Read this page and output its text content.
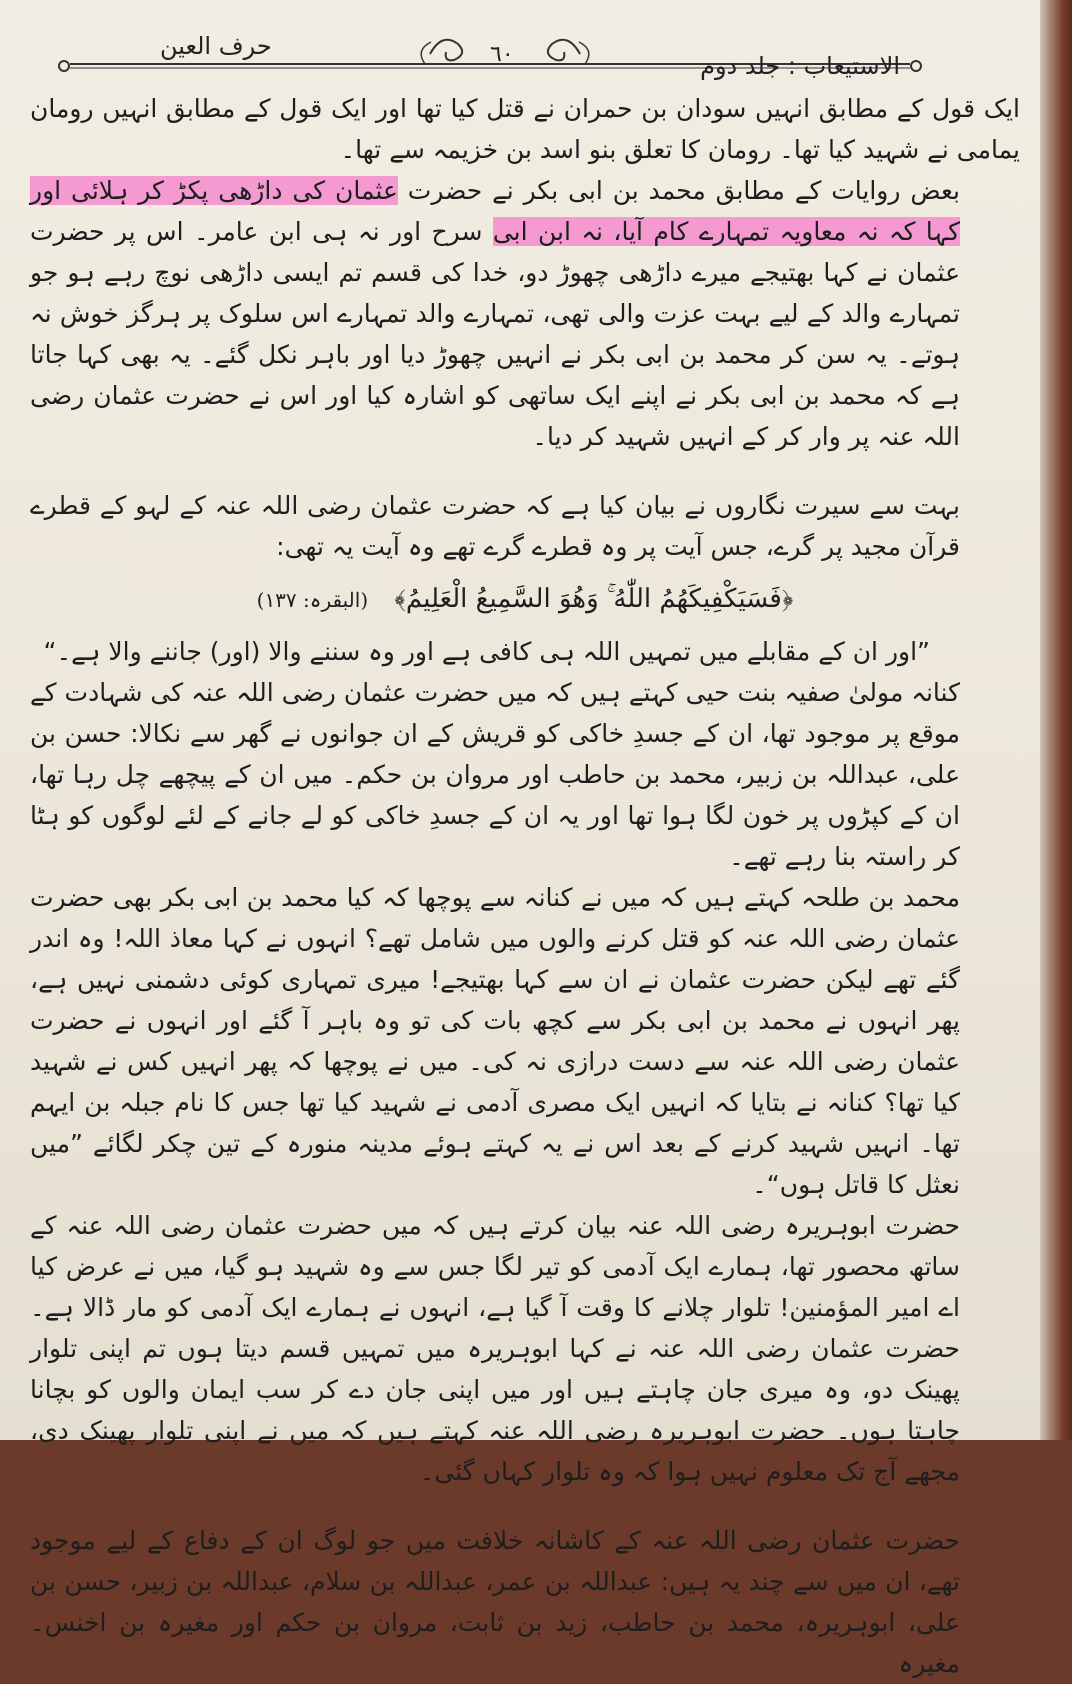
حرف العین	٦٠	الاستیعاب : جلد دوم

ایک قول کے مطابق انہیں سودان بن حمران نے قتل کیا تھا اور ایک قول کے مطابق انہیں رومان یمامی نے شہید کیا تھا۔ رومان کا تعلق بنو اسد بن خزیمہ سے تھا۔

بعض روایات کے مطابق محمد بن ابی بکر نے حضرت عثمان کی داڑھی پکڑ کر ہلائی اور کہا کہ نہ معاویہ تمہارے کام آیا، نہ ابن ابی سرح اور نہ ہی ابن عامر۔ اس پر حضرت عثمان نے کہا بھتیجے میرے داڑھی چھوڑ دو، خدا کی قسم تم ایسی داڑھی نوچ رہے ہو جو تمہارے والد کے لیے بہت عزت والی تھی، تمہارے والد تمہارے اس سلوک پر ہرگز خوش نہ ہوتے۔ یہ سن کر محمد بن ابی بکر نے انہیں چھوڑ دیا اور باہر نکل گئے۔ یہ بھی کہا جاتا ہے کہ محمد بن ابی بکر نے اپنے ایک ساتھی کو اشارہ کیا اور اس نے حضرت عثمان رضی اللہ عنہ پر وار کر کے انہیں شہید کر دیا۔

بہت سے سیرت نگاروں نے بیان کیا ہے کہ حضرت عثمان رضی اللہ عنہ کے لہو کے قطرے قرآن مجید پر گرے، جس آیت پر وہ قطرے گرے تھے وہ آیت یہ تھی:

﴿فَسَيَكْفِيكَهُمُ اللّٰهُ ۚ وَهُوَ السَّمِيعُ الْعَلِيمُ﴾ (البقرہ: ۱۳۷)

”اور ان کے مقابلے میں تمہیں اللہ ہی کافی ہے اور وہ سننے والا (اور) جاننے والا ہے۔“

کنانہ مولیٰ صفیہ بنت حیی کہتے ہیں کہ میں حضرت عثمان رضی اللہ عنہ کی شہادت کے موقع پر موجود تھا، ان کے جسدِ خاکی کو قریش کے ان جوانوں نے گھر سے نکالا: حسن بن علی، عبداللہ بن زبیر، محمد بن حاطب اور مروان بن حکم۔ میں ان کے پیچھے چل رہا تھا، ان کے کپڑوں پر خون لگا ہوا تھا اور یہ ان کے جسدِ خاکی کو لے جانے کے لئے لوگوں کو ہٹا کر راستہ بنا رہے تھے۔

محمد بن طلحہ کہتے ہیں کہ میں نے کنانہ سے پوچھا کہ کیا محمد بن ابی بکر بھی حضرت عثمان رضی اللہ عنہ کو قتل کرنے والوں میں شامل تھے؟ انہوں نے کہا معاذ اللہ! وہ اندر گئے تھے لیکن حضرت عثمان نے ان سے کہا بھتیجے! میری تمہاری کوئی دشمنی نہیں ہے، پھر انہوں نے محمد بن ابی بکر سے کچھ بات کی تو وہ باہر آ گئے اور انہوں نے حضرت عثمان رضی اللہ عنہ سے دست درازی نہ کی۔ میں نے پوچھا کہ پھر انہیں کس نے شہید کیا تھا؟ کنانہ نے بتایا کہ انہیں ایک مصری آدمی نے شہید کیا تھا جس کا نام جبلہ بن ایہم تھا۔ انہیں شہید کرنے کے بعد اس نے یہ کہتے ہوئے مدینہ منورہ کے تین چکر لگائے ”میں نعثل کا قاتل ہوں“۔

حضرت ابوہریرہ رضی اللہ عنہ بیان کرتے ہیں کہ میں حضرت عثمان رضی اللہ عنہ کے ساتھ محصور تھا، ہمارے ایک آدمی کو تیر لگا جس سے وہ شہید ہو گیا، میں نے عرض کیا اے امیر المؤمنین! تلوار چلانے کا وقت آ گیا ہے، انہوں نے ہمارے ایک آدمی کو مار ڈالا ہے۔ حضرت عثمان رضی اللہ عنہ نے کہا ابوہریرہ میں تمہیں قسم دیتا ہوں تم اپنی تلوار پھینک دو، وہ میری جان چاہتے ہیں اور میں اپنی جان دے کر سب ایمان والوں کو بچانا چاہتا ہوں۔ حضرت ابوہریرہ رضی اللہ عنہ کہتے ہیں کہ میں نے اپنی تلوار پھینک دی، مجھے آج تک معلوم نہیں ہوا کہ وہ تلوار کہاں گئی۔

حضرت عثمان رضی اللہ عنہ کے کاشانہ خلافت میں جو لوگ ان کے دفاع کے لیے موجود تھے، ان میں سے چند یہ ہیں: عبداللہ بن عمر، عبداللہ بن سلام، عبداللہ بن زبیر، حسن بن علی، ابوہریرہ، محمد بن حاطب، زید بن ثابت، مروان بن حکم اور مغیرہ بن اخنس۔ مغیرہ
